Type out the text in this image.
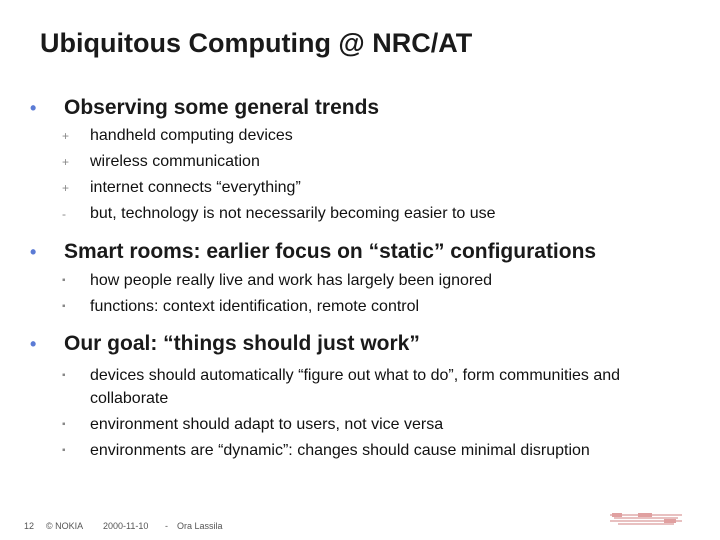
Ubiquitous Computing @ NRC/AT
•	Observing some general trends
+	handheld computing devices
+	wireless communication
+	internet connects “everything”
-	but, technology is not necessarily becoming easier to use
•	Smart rooms: earlier focus on “static” configurations
▪	how people really live and work has largely been ignored
▪	functions: context identification, remote control
•	Our goal: “things should just work”
▪	devices should automatically “figure out what to do”, form communities and collaborate
▪	environment should adapt to users, not vice versa
▪	environments are “dynamic”: changes should cause minimal disruption
12 © NOKIA 2000-11-10 - Ora Lassila
